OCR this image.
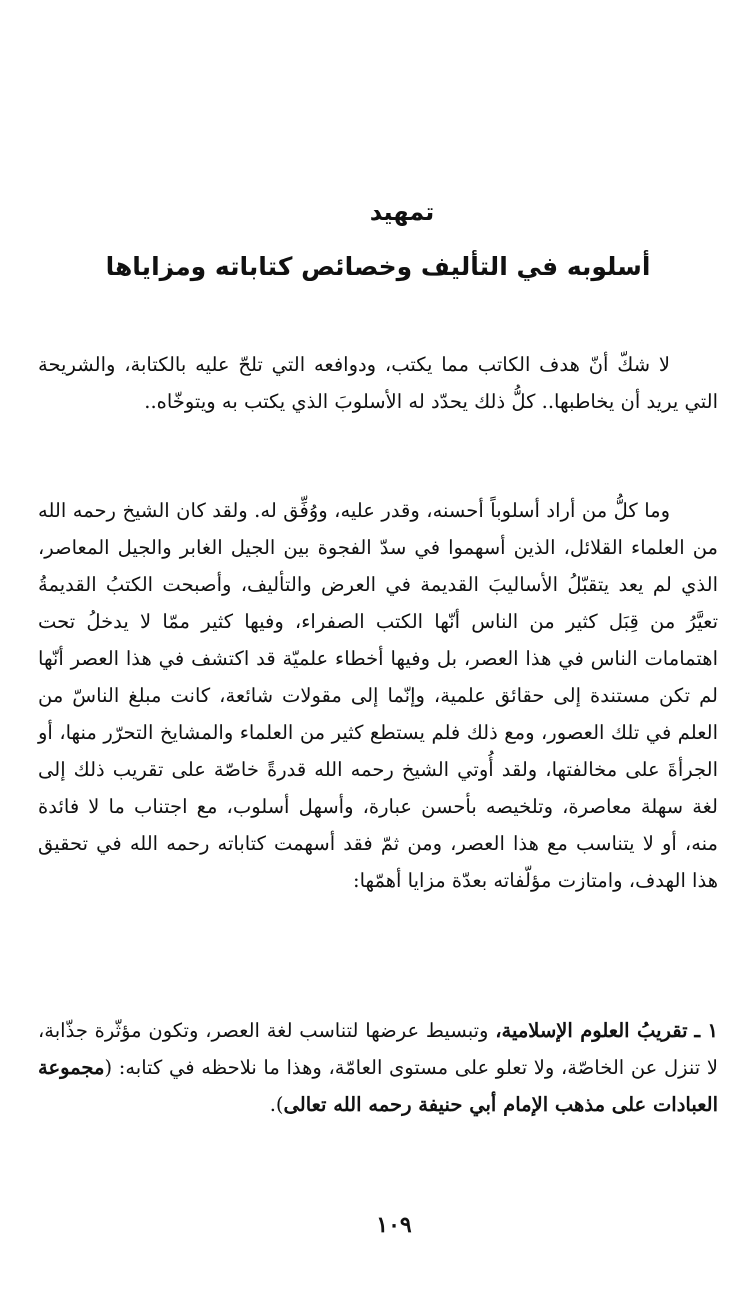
تمهيد
أسلوبه في التأليف وخصائص كتاباته ومزاياها

لا شكّ أنّ هدف الكاتب مما يكتب، ودوافعه التي تلحّ عليه بالكتابة، والشريحة التي يريد أن يخاطبها.. كلُّ ذلك يحدّد له الأسلوبَ الذي يكتب به ويتوخّاه..

وما كلُّ من أراد أسلوباً أحسنه، وقدر عليه، ووُفِّق له. ولقد كان الشيخ رحمه الله من العلماء القلائل، الذين أسهموا في سدّ الفجوة بين الجيل الغابر والجيل المعاصر، الذي لم يعد يتقبّلُ الأساليبَ القديمة في العرض والتأليف، وأصبحت الكتبُ القديمةُ تعيَّرُ من قِبَل كثير من الناس أنّها الكتب الصفراء، وفيها كثير ممّا لا يدخلُ تحت اهتمامات الناس في هذا العصر، بل وفيها أخطاء علميّة قد اكتشف في هذا العصر أنّها لم تكن مستندة إلى حقائق علمية، وإنّما إلى مقولات شائعة، كانت مبلغ الناسّ من العلم في تلك العصور، ومع ذلك فلم يستطع كثير من العلماء والمشايخ التحرّر منها، أو الجرأةَ على مخالفتها، ولقد أُوتي الشيخ رحمه الله قدرةً خاصّة على تقريب ذلك إلى لغة سهلة معاصرة، وتلخيصه بأحسن عبارة، وأسهل أسلوب، مع اجتناب ما لا فائدة منه، أو لا يتناسب مع هذا العصر، ومن ثمّ فقد أسهمت كتاباته رحمه الله في تحقيق هذا الهدف، وامتازت مؤلّفاته بعدّة مزايا أهمّها:

١ ـ تقريبُ العلوم الإسلامية، وتبسيط عرضها لتناسب لغة العصر، وتكون مؤثّرة جذّابة، لا تنزل عن الخاصّة، ولا تعلو على مستوى العامّة، وهذا ما نلاحظه في كتابه: (مجموعة العبادات على مذهب الإمام أبي حنيفة رحمه الله تعالى).

١٠٩
